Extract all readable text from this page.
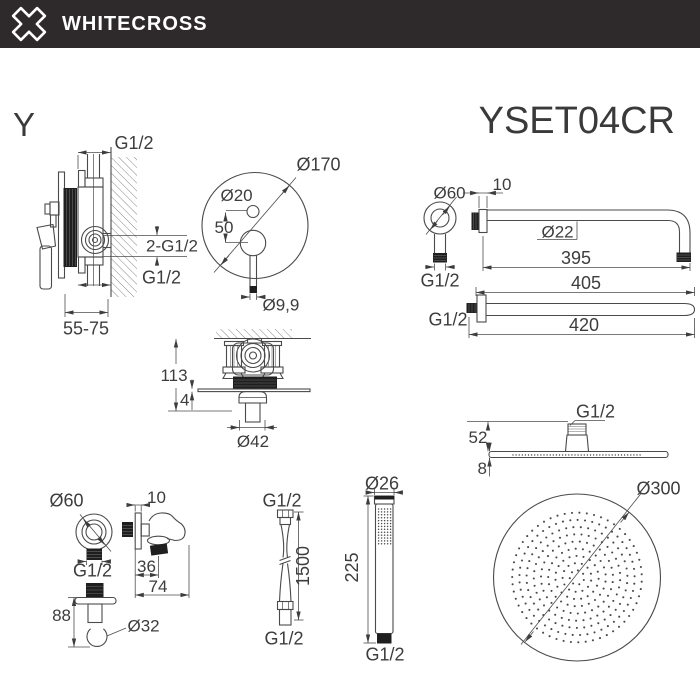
WHITECROSS
Y	YSET04CR
G1/2
2-G1/2
G1/2
55-75
Ø170
Ø20
50
Ø9,9
Ø60
G1/2
10
Ø22
395
405
G1/2	420
113
4
Ø42
G1/2
52
8
Ø300
Ø60	10
G1/2 36
74
88
Ø32
G1/2
1500
G1/2
Ø26
225
G1/2
